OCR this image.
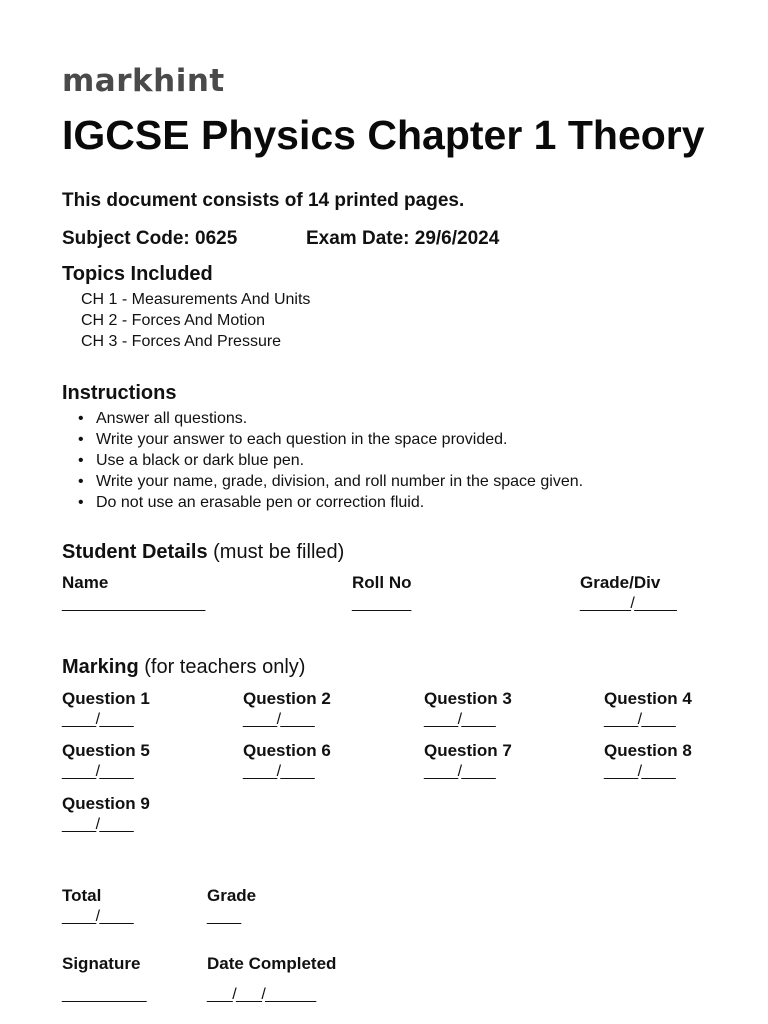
markhint
IGCSE Physics Chapter 1 Theory
This document consists of 14 printed pages.
Subject Code: 0625	Exam Date: 29/6/2024
Topics Included
CH 1 - Measurements And Units
CH 2 - Forces And Motion
CH 3 - Forces And Pressure
Instructions
• Answer all questions.
• Write your answer to each question in the space provided.
• Use a black or dark blue pen.
• Write your name, grade, division, and roll number in the space given.
• Do not use an erasable pen or correction fluid.
Student Details (must be filled)
Name
_________________
Roll No
_______
Grade/Div
______/_____
Marking (for teachers only)
Question 1
____/____
Question 2
____/____
Question 3
____/____
Question 4
____/____
Question 5
____/____
Question 6
____/____
Question 7
____/____
Question 8
____/____
Question 9
____/____
Total
____/____
Grade
____
Signature
__________
Date Completed
___/___/______
